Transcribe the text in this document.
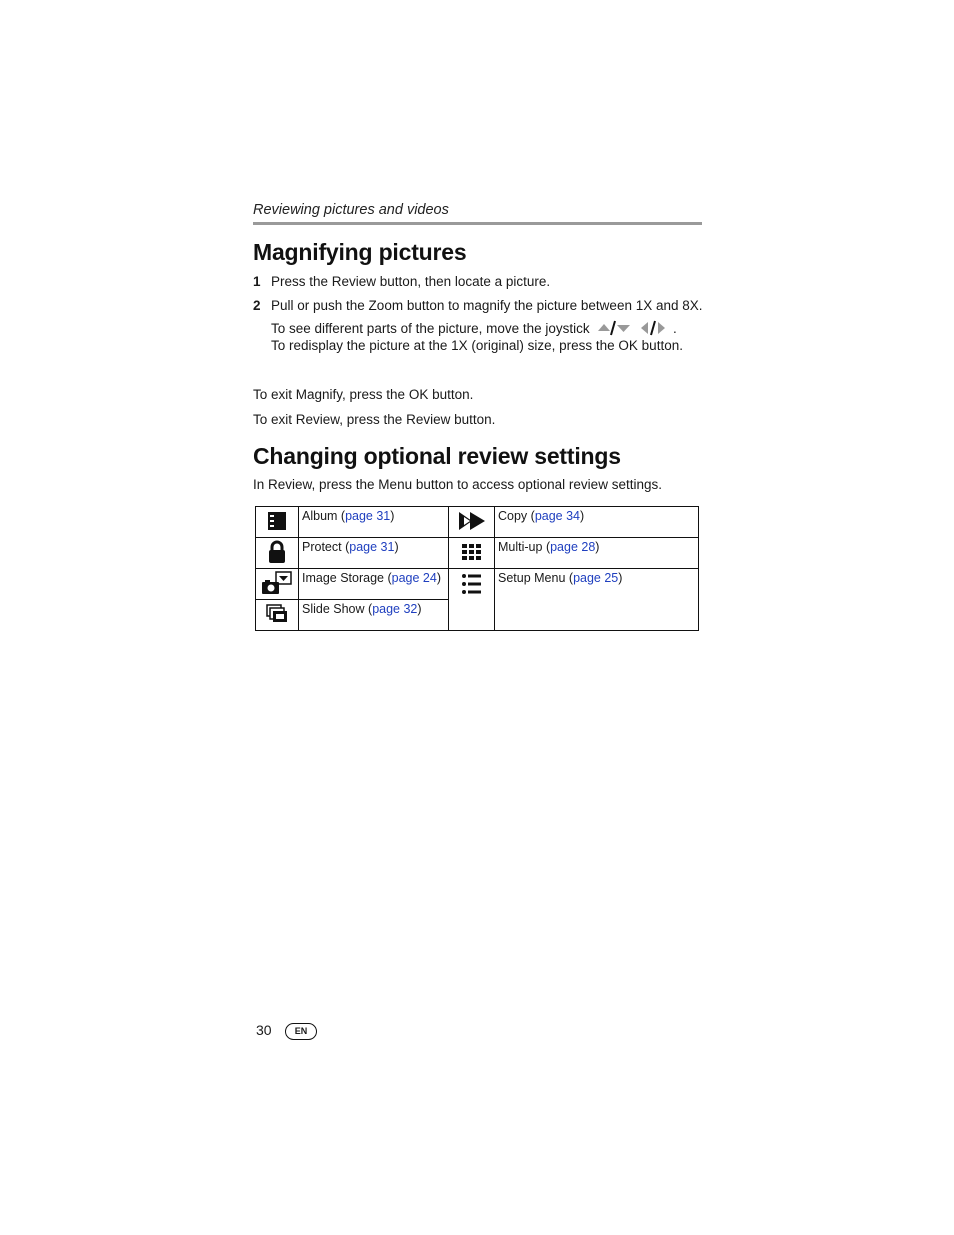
Reviewing pictures and videos
Magnifying pictures
1 Press the Review button, then locate a picture.
2 Pull or push the Zoom button to magnify the picture between 1X and 8X.
To see different parts of the picture, move the joystick	.
To redisplay the picture at the 1X (original) size, press the OK button.

To exit Magnify, press the OK button.

To exit Review, press the Review button.

Changing optional review settings

In Review, press the Menu button to access optional review settings.

	Album (page 31)		Copy (page 34)
	Protect (page 31)		Multi-up (page 28)
	Image Storage (page 24)		Setup Menu (page 25)
	Slide Show (page 32)		
30	EN
